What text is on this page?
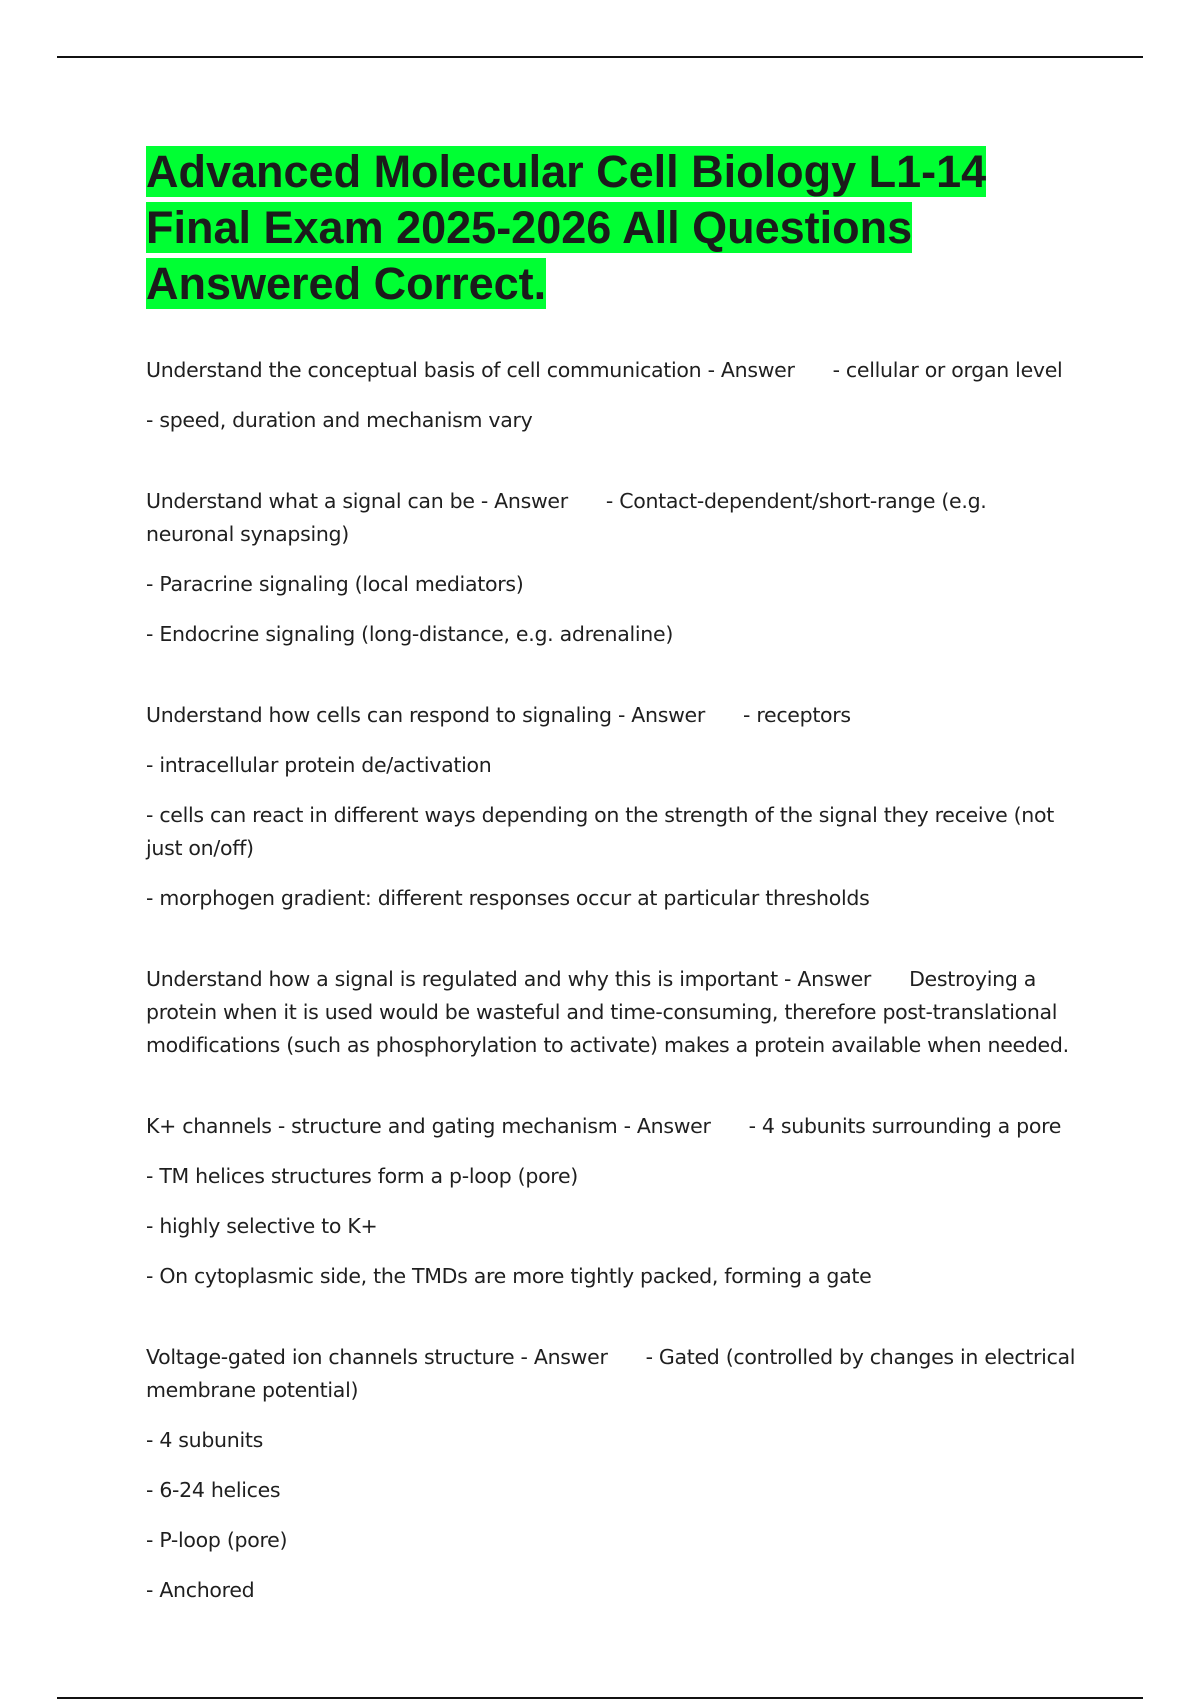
Advanced Molecular Cell Biology L1-14 Final Exam 2025-2026 All Questions Answered Correct.

Understand the conceptual basis of cell communication - Answer - cellular or organ level

- speed, duration and mechanism vary

Understand what a signal can be - Answer - Contact-dependent/short-range (e.g. neuronal synapsing)

- Paracrine signaling (local mediators)

- Endocrine signaling (long-distance, e.g. adrenaline)

Understand how cells can respond to signaling - Answer - receptors

- intracellular protein de/activation

- cells can react in different ways depending on the strength of the signal they receive (not just on/off)

- morphogen gradient: different responses occur at particular thresholds

Understand how a signal is regulated and why this is important - Answer Destroying a protein when it is used would be wasteful and time-consuming, therefore post-translational modifications (such as phosphorylation to activate) makes a protein available when needed.

K+ channels - structure and gating mechanism - Answer - 4 subunits surrounding a pore

- TM helices structures form a p-loop (pore)

- highly selective to K+

- On cytoplasmic side, the TMDs are more tightly packed, forming a gate

Voltage-gated ion channels structure - Answer - Gated (controlled by changes in electrical membrane potential)

- 4 subunits

- 6-24 helices

- P-loop (pore)

- Anchored
